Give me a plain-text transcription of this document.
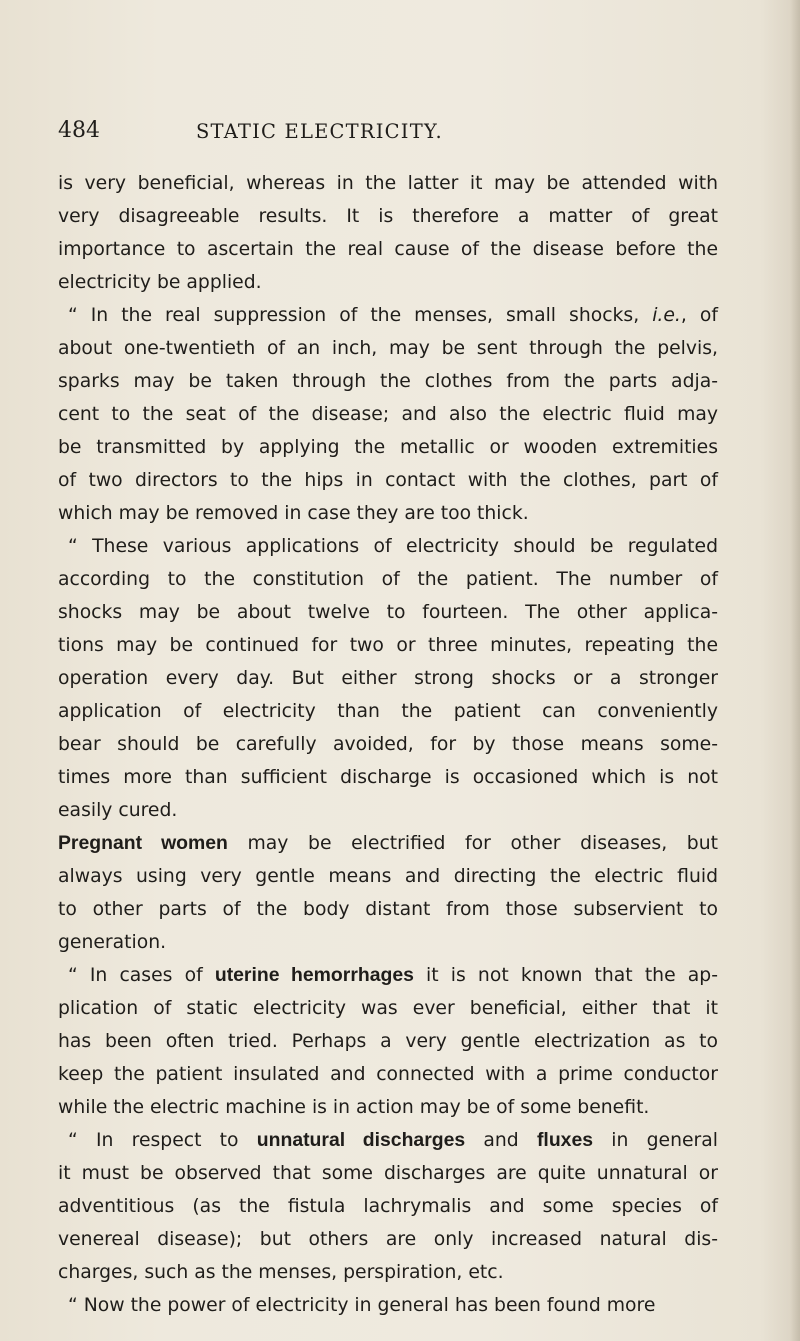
484	STATIC ELECTRICITY.
is very beneficial, whereas in the latter it may be attended with
very disagreeable results. It is therefore a matter of great
importance to ascertain the real cause of the disease before the
electricity be applied.
“ In the real suppression of the menses, small shocks, i.e., of
about one-twentieth of an inch, may be sent through the pelvis,
sparks may be taken through the clothes from the parts adja-
cent to the seat of the disease; and also the electric fluid may
be transmitted by applying the metallic or wooden extremities
of two directors to the hips in contact with the clothes, part of
which may be removed in case they are too thick.
“ These various applications of electricity should be regulated
according to the constitution of the patient. The number of
shocks may be about twelve to fourteen. The other applica-
tions may be continued for two or three minutes, repeating the
operation every day. But either strong shocks or a stronger
application of electricity than the patient can conveniently
bear should be carefully avoided, for by those means some-
times more than sufficient discharge is occasioned which is not
easily cured.
Pregnant women may be electrified for other diseases, but
always using very gentle means and directing the electric fluid
to other parts of the body distant from those subservient to
generation.
“ In cases of uterine hemorrhages it is not known that the ap-
plication of static electricity was ever beneficial, either that it
has been often tried. Perhaps a very gentle electrization as to
keep the patient insulated and connected with a prime conductor
while the electric machine is in action may be of some benefit.
“ In respect to unnatural discharges and fluxes in general
it must be observed that some discharges are quite unnatural or
adventitious (as the fistula lachrymalis and some species of
venereal disease); but others are only increased natural dis-
charges, such as the menses, perspiration, etc.
“ Now the power of electricity in general has been found more
